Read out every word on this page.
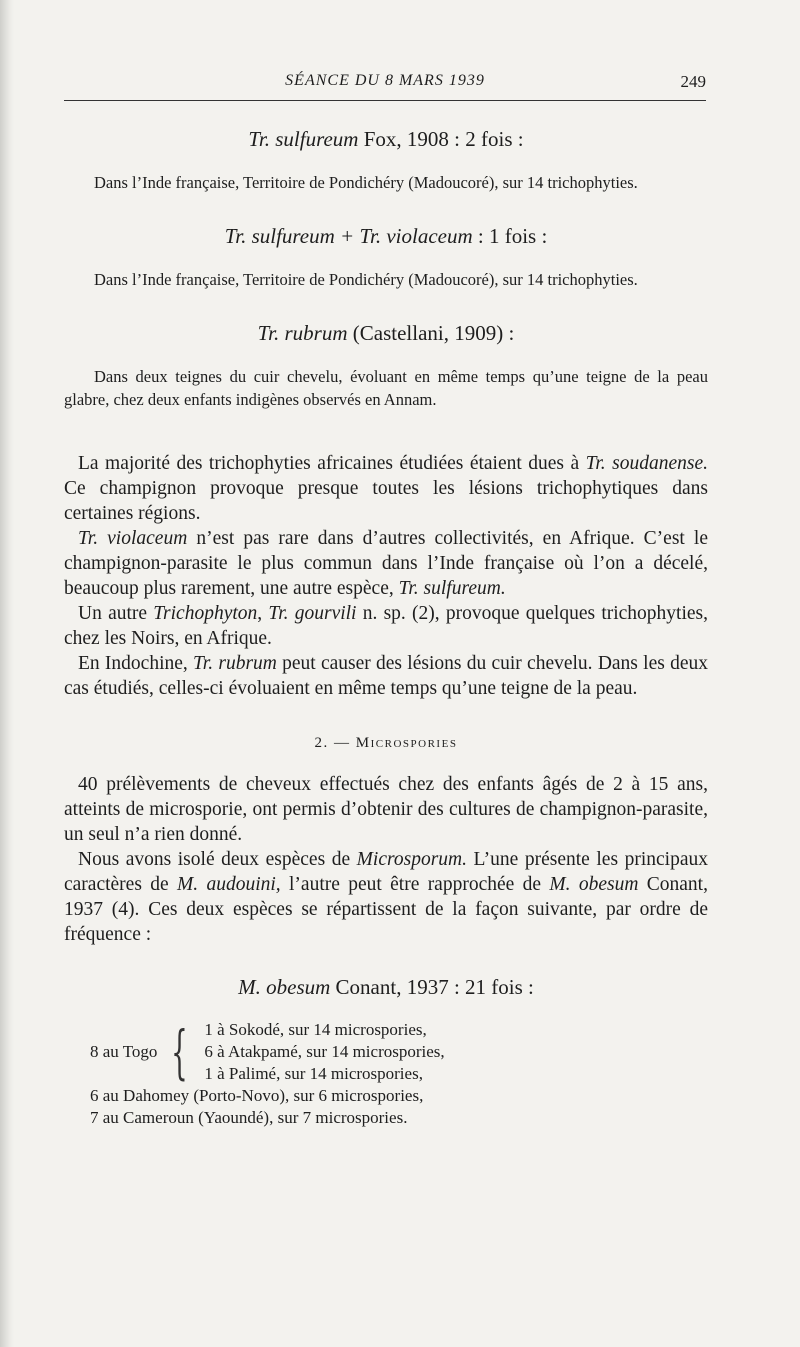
SÉANCE DU 8 MARS 1939	249

Tr. sulfureum Fox, 1908 : 2 fois :

Dans l’Inde française, Territoire de Pondichéry (Madoucoré), sur 14 trichophyties.

Tr. sulfureum + Tr. violaceum : 1 fois :

Dans l’Inde française, Territoire de Pondichéry (Madoucoré), sur 14 trichophyties.

Tr. rubrum (Castellani, 1909) :

Dans deux teignes du cuir chevelu, évoluant en même temps qu’une teigne de la peau glabre, chez deux enfants indigènes observés en Annam.

La majorité des trichophyties africaines étudiées étaient dues à Tr. soudanense. Ce champignon provoque presque toutes les lésions trichophytiques dans certaines régions.

Tr. violaceum n’est pas rare dans d’autres collectivités, en Afrique. C’est le champignon-parasite le plus commun dans l’Inde française où l’on a décelé, beaucoup plus rarement, une autre espèce, Tr. sulfureum.

Un autre Trichophyton, Tr. gourvili n. sp. (2), provoque quelques trichophyties, chez les Noirs, en Afrique.

En Indochine, Tr. rubrum peut causer des lésions du cuir chevelu. Dans les deux cas étudiés, celles-ci évoluaient en même temps qu’une teigne de la peau.

2. — Microspories

40 prélèvements de cheveux effectués chez des enfants âgés de 2 à 15 ans, atteints de microsporie, ont permis d’obtenir des cultures de champignon-parasite, un seul n’a rien donné.

Nous avons isolé deux espèces de Microsporum. L’une présente les principaux caractères de M. audouini, l’autre peut être rapprochée de M. obesum Conant, 1937 (4). Ces deux espèces se répartissent de la façon suivante, par ordre de fréquence :

M. obesum Conant, 1937 : 21 fois :

8 au Togo { 1 à Sokodé, sur 14 microspories,
6 à Atakpamé, sur 14 microspories,
1 à Palimé, sur 14 microspories,
6 au Dahomey (Porto-Novo), sur 6 microspories,
7 au Cameroun (Yaoundé), sur 7 microspories.
